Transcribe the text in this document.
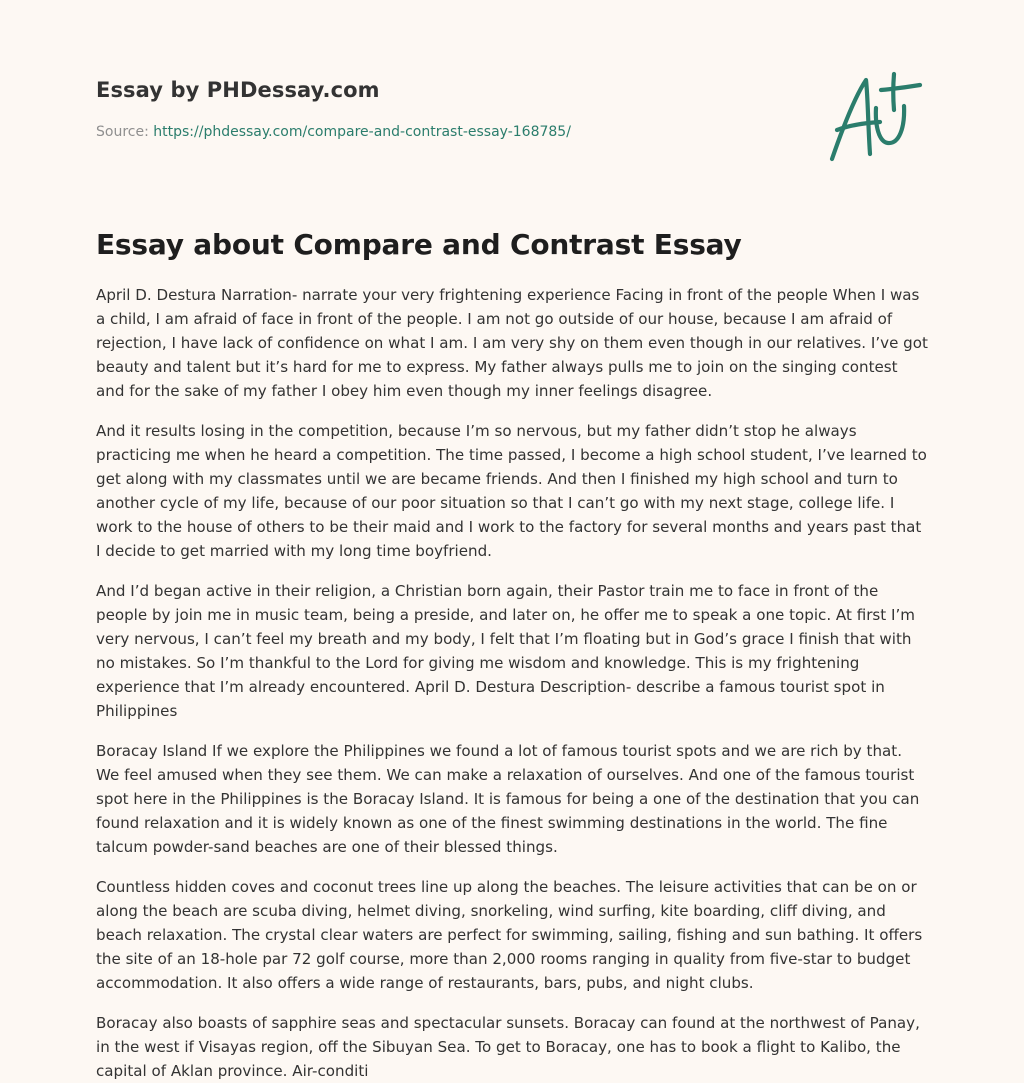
Essay by PHDessay.com
Source: https://phdessay.com/compare-and-contrast-essay-168785/
Essay about Compare and Contrast Essay

April D. Destura Narration- narrate your very frightening experience Facing in front of the people When I was a child, I am afraid of face in front of the people. I am not go outside of our house, because I am afraid of rejection, I have lack of confidence on what I am. I am very shy on them even though in our relatives. I’ve got beauty and talent but it’s hard for me to express. My father always pulls me to join on the singing contest and for the sake of my father I obey him even though my inner feelings disagree.

And it results losing in the competition, because I’m so nervous, but my father didn’t stop he always practicing me when he heard a competition. The time passed, I become a high school student, I’ve learned to get along with my classmates until we are became friends. And then I finished my high school and turn to another cycle of my life, because of our poor situation so that I can’t go with my next stage, college life. I work to the house of others to be their maid and I work to the factory for several months and years past that I decide to get married with my long time boyfriend.

And I’d began active in their religion, a Christian born again, their Pastor train me to face in front of the people by join me in music team, being a preside, and later on, he offer me to speak a one topic. At first I’m very nervous, I can’t feel my breath and my body, I felt that I’m floating but in God’s grace I finish that with no mistakes. So I’m thankful to the Lord for giving me wisdom and knowledge. This is my frightening experience that I’m already encountered. April D. Destura Description- describe a famous tourist spot in Philippines

Boracay Island If we explore the Philippines we found a lot of famous tourist spots and we are rich by that. We feel amused when they see them. We can make a relaxation of ourselves. And one of the famous tourist spot here in the Philippines is the Boracay Island. It is famous for being a one of the destination that you can found relaxation and it is widely known as one of the finest swimming destinations in the world. The fine talcum powder-sand beaches are one of their blessed things.

Countless hidden coves and coconut trees line up along the beaches. The leisure activities that can be on or along the beach are scuba diving, helmet diving, snorkeling, wind surfing, kite boarding, cliff diving, and beach relaxation. The crystal clear waters are perfect for swimming, sailing, fishing and sun bathing. It offers the site of an 18-hole par 72 golf course, more than 2,000 rooms ranging in quality from five-star to budget accommodation. It also offers a wide range of restaurants, bars, pubs, and night clubs.

Boracay also boasts of sapphire seas and spectacular sunsets. Boracay can found at the northwest of Panay, in the west if Visayas region, off the Sibuyan Sea. To get to Boracay, one has to book a flight to Kalibo, the capital of Aklan province. Air-conditi
